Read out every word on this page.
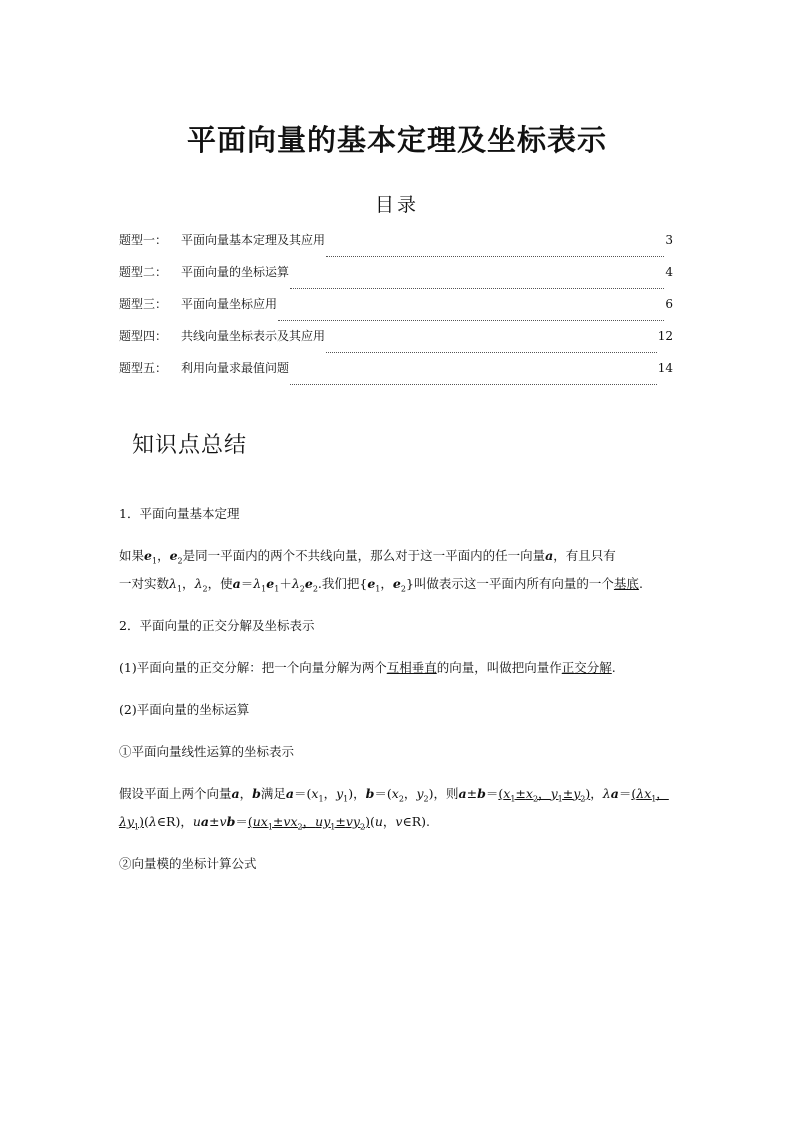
平面向量的基本定理及坐标表示
目录
题型一： 平面向量基本定理及其应用	3
题型二： 平面向量的坐标运算	4
题型三： 平面向量坐标应用	6
题型四： 共线向量坐标表示及其应用	12
题型五： 利用向量求最值问题	14
知识点总结

1．平面向量基本定理

如果$e_1$，$e_2$是同一平面内的两个不共线向量，那么对于这一平面内的任一向量a，有且只有
一对实数$\lambda_1$，$\lambda_2$，使$a=\lambda_1e_1+\lambda_2e_2$.我们把{$e_1$，$e_2$}叫做表示这一平面内所有向量的一个基底.

2．平面向量的正交分解及坐标表示

(1)平面向量的正交分解：把一个向量分解为两个互相垂直的向量，叫做把向量作正交分解.

(2)平面向量的坐标运算

①平面向量线性运算的坐标表示

假设平面上两个向量a，b满足$a=(x_1$，$y_1$)，$b=(x_2$，$y_2$)，则$a\pm b=(x_1\pm x_2$，$y_1\pm y_2$)，$\lambda a=(\lambda x_1$，
$\lambda y_1)(\lambda\in R)$，$ua\pm vb=(ux_1\pm vx_2$，$uy_1\pm vy_2)(u$，v∈R).

②向量模的坐标计算公式
